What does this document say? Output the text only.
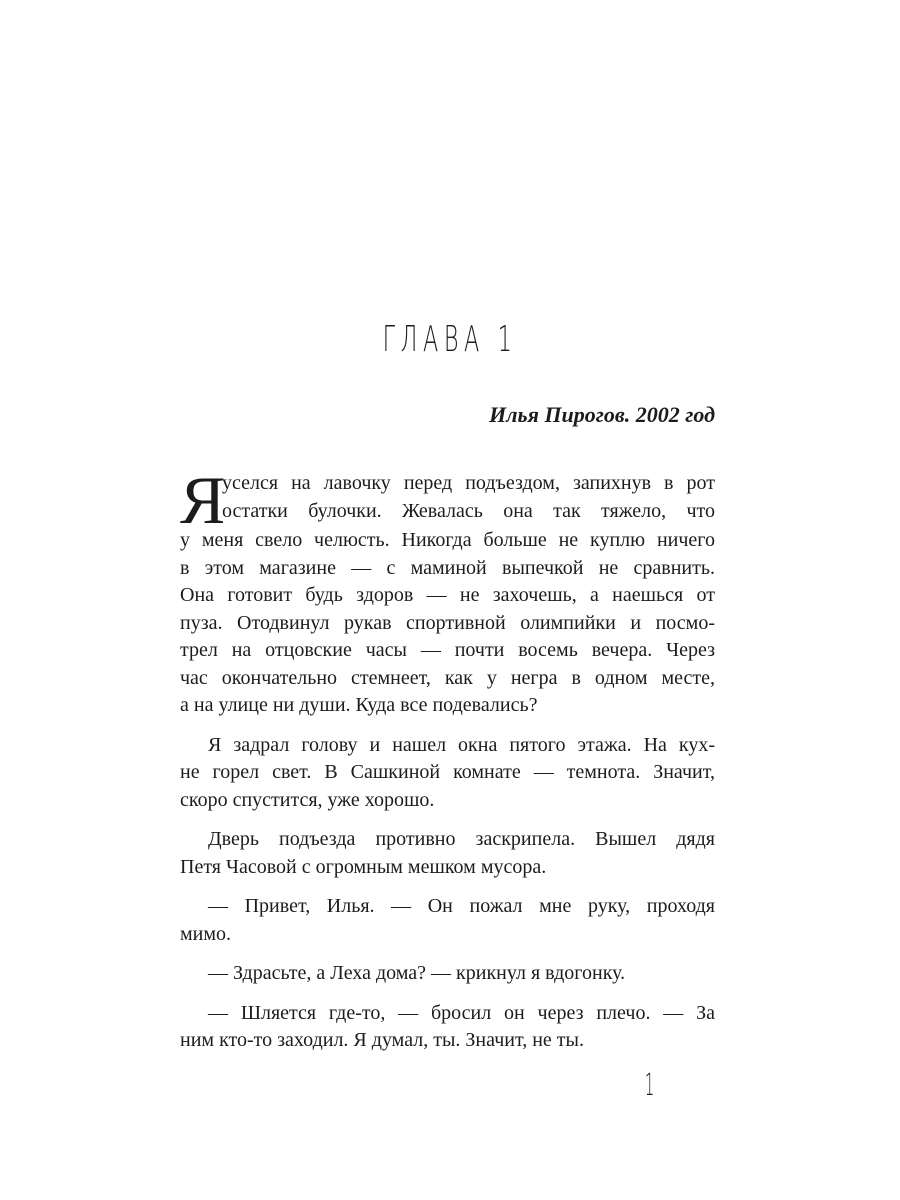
ГЛАВА 1
Илья Пирогов. 2002 год
Я
уселся на лавочку перед подъездом, запихнув в рот
остатки булочки. Жевалась она так тяжело, что
у меня свело челюсть. Никогда больше не куплю ничего
в этом магазине — с маминой выпечкой не сравнить.
Она готовит будь здоров — не захочешь, а наешься от
пуза. Отодвинул рукав спортивной олимпийки и посмо-
трел на отцовские часы — почти восемь вечера. Через
час окончательно стемнеет, как у негра в одном месте,
а на улице ни души. Куда все подевались?
Я задрал голову и нашел окна пятого этажа. На кух-
не горел свет. В Сашкиной комнате — темнота. Значит,
скоро спустится, уже хорошо.
Дверь подъезда противно заскрипела. Вышел дядя
Петя Часовой с огромным мешком мусора.
— Привет, Илья. — Он пожал мне руку, проходя
мимо.
— Здрасьте, а Леха дома? — крикнул я вдогонку.
— Шляется где-то, — бросил он через плечо. — За
ним кто-то заходил. Я думал, ты. Значит, не ты.
1
